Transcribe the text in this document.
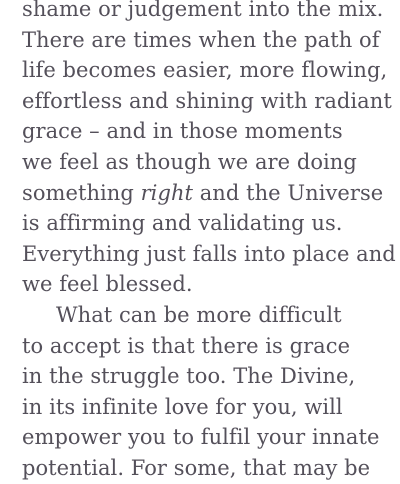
shame or judgement into the mix.
There are times when the path of
life becomes easier, more flowing,
effortless and shining with radiant
grace – and in those moments
we feel as though we are doing
something right and the Universe
is affirming and validating us.
Everything just falls into place and
we feel blessed.

What can be more difficult
to accept is that there is grace
in the struggle too. The Divine,
in its infinite love for you, will
empower you to fulfil your innate
potential. For some, that may be
